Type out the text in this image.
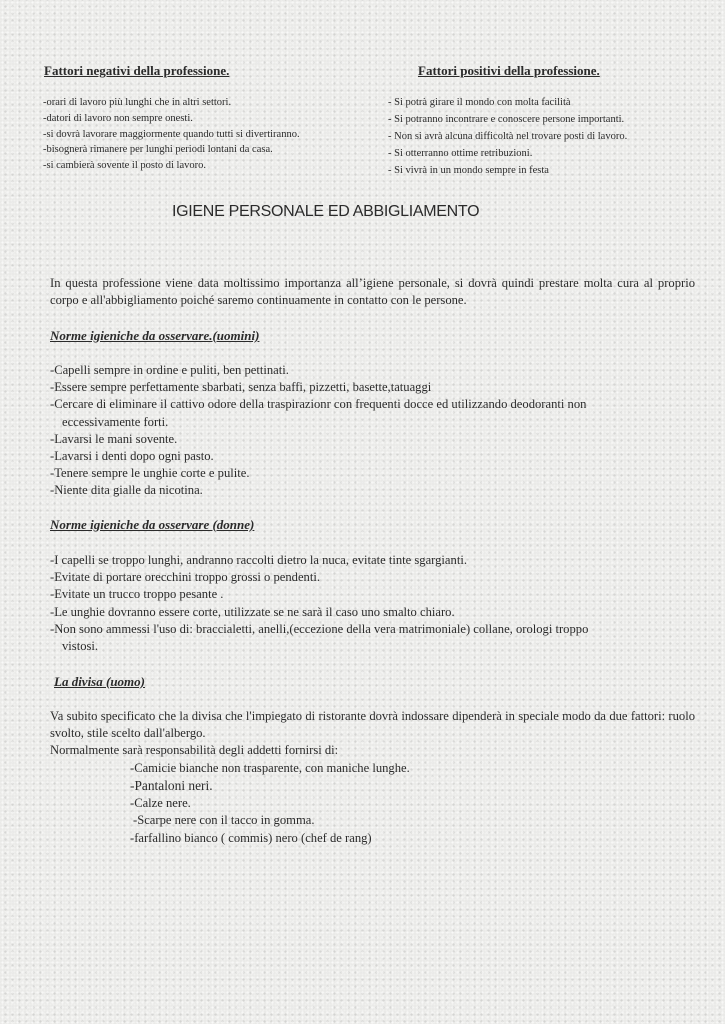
Fattori negativi della professione.
-orari di lavoro più lunghi che in altri settori.
-datori di lavoro non sempre onesti.
-si dovrà lavorare maggiormente quando tutti si divertiranno.
-bisognerà rimanere per lunghi periodi lontani da casa.
-si cambierà sovente il posto di lavoro.
Fattori positivi della professione.
- Si potrà girare il mondo con molta facilità
- Si potranno incontrare e conoscere persone importanti.
- Non si avrà alcuna difficoltà nel trovare posti di lavoro.
- Si otterranno ottime retribuzioni.
- Si vivrà in un mondo sempre in festa
IGIENE PERSONALE ED ABBIGLIAMENTO
In questa professione viene data moltissimo importanza all’igiene personale, si dovrà quindi prestare molta cura al proprio corpo e all'abbigliamento poiché saremo continuamente in contatto con le persone.
Norme igieniche da osservare.(uomini)
-Capelli sempre in ordine e puliti, ben pettinati.
-Essere sempre perfettamente sbarbati, senza baffi, pizzetti, basette,tatuaggi
-Cercare di eliminare il cattivo odore della traspirazionr con frequenti docce ed utilizzando deodoranti non
eccessivamente forti.
-Lavarsi le mani sovente.
-Lavarsi i denti dopo ogni pasto.
-Tenere sempre le unghie corte e pulite.
-Niente dita gialle da nicotina.
Norme igieniche da osservare (donne)
-I capelli se troppo lunghi, andranno raccolti dietro la nuca, evitate tinte sgargianti.
-Evitate di portare orecchini troppo grossi o pendenti.
-Evitate un trucco troppo pesante .
-Le unghie dovranno essere corte, utilizzate se ne sarà il caso uno smalto chiaro.
-Non sono ammessi l'uso di: braccialetti, anelli,(eccezione della vera matrimoniale) collane, orologi troppo
vistosi.
La divisa (uomo)
Va subito specificato che la divisa che l'impiegato di ristorante dovrà indossare dipenderà in speciale modo da due fattori: ruolo svolto, stile scelto dall'albergo.
Normalmente sarà responsabilità degli addetti fornirsi di:
-Camicie bianche non trasparente, con maniche lunghe.
-Pantaloni neri.
-Calze nere.
-Scarpe nere con il tacco in gomma.
-farfallino bianco ( commis) nero (chef de rang)
